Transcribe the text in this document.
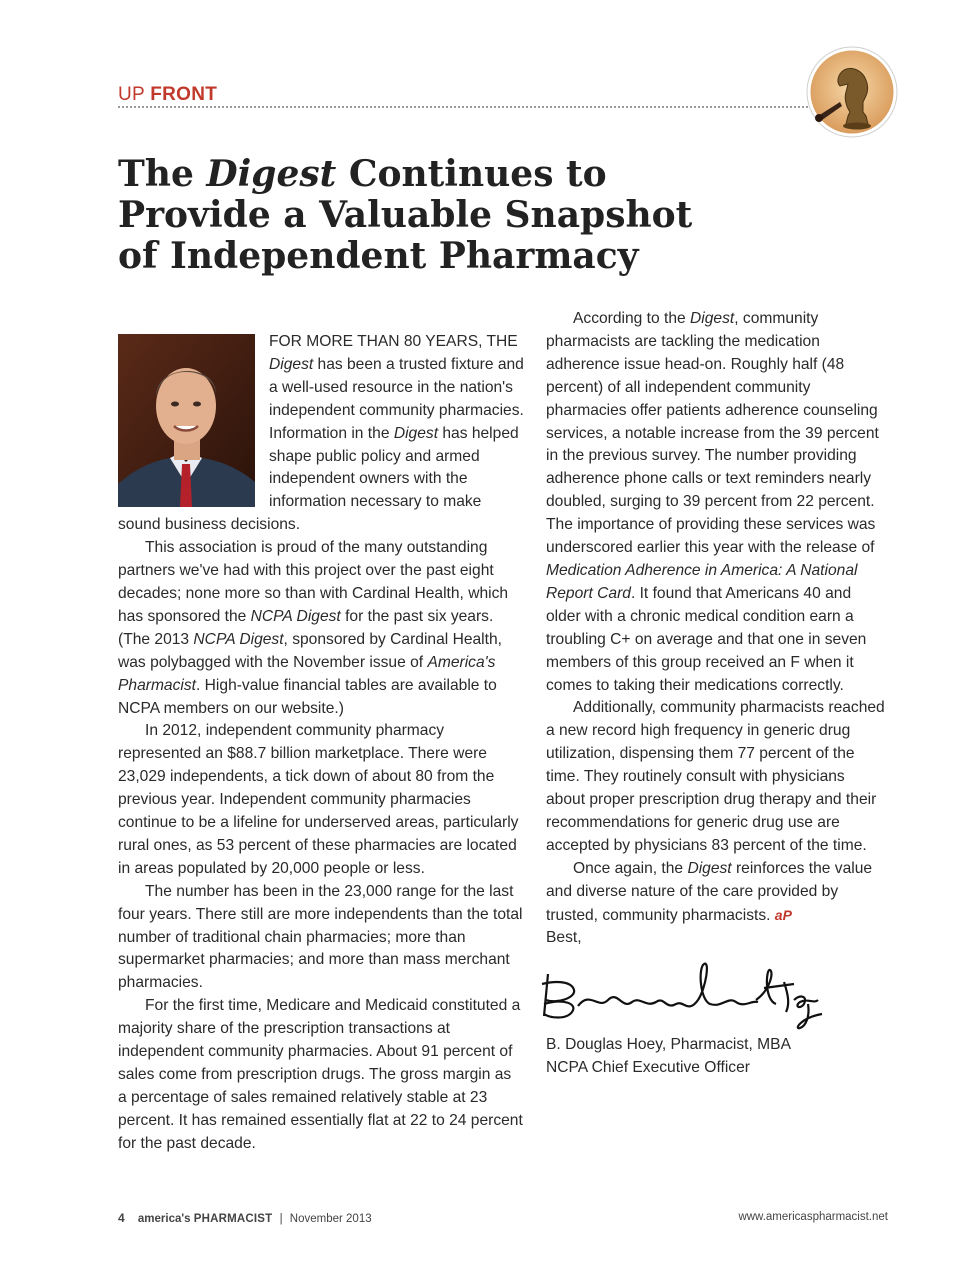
UP FRONT
The Digest Continues to Provide a Valuable Snapshot of Independent Pharmacy

FOR MORE THAN 80 YEARS, THE Digest has been a trusted fixture and a well-used resource in the nation's independent community pharmacies. Information in the Digest has helped shape public policy and armed independent owners with the information necessary to make sound business decisions.

This association is proud of the many outstanding partners we've had with this project over the past eight decades; none more so than with Cardinal Health, which has sponsored the NCPA Digest for the past six years. (The 2013 NCPA Digest, sponsored by Cardinal Health, was polybagged with the November issue of America's Pharmacist. High-value financial tables are available to NCPA members on our website.)

In 2012, independent community pharmacy represented an $88.7 billion marketplace. There were 23,029 independents, a tick down of about 80 from the previous year. Independent community pharmacies continue to be a lifeline for underserved areas, particularly rural ones, as 53 percent of these pharmacies are located in areas populated by 20,000 people or less.

The number has been in the 23,000 range for the last four years. There still are more independents than the total number of traditional chain pharmacies; more than supermarket pharmacies; and more than mass merchant pharmacies.

For the first time, Medicare and Medicaid constituted a majority share of the prescription transactions at independent community pharmacies. About 91 percent of sales come from prescription drugs. The gross margin as a percentage of sales remained relatively stable at 23 percent. It has remained essentially flat at 22 to 24 percent for the past decade.

According to the Digest, community pharmacists are tackling the medication adherence issue head-on. Roughly half (48 percent) of all independent community pharmacies offer patients adherence counseling services, a notable increase from the 39 percent in the previous survey. The number providing adherence phone calls or text reminders nearly doubled, surging to 39 percent from 22 percent. The importance of providing these services was underscored earlier this year with the release of Medication Adherence in America: A National Report Card. It found that Americans 40 and older with a chronic medical condition earn a troubling C+ on average and that one in seven members of this group received an F when it comes to taking their medications correctly.

Additionally, community pharmacists reached a new record high frequency in generic drug utilization, dispensing them 77 percent of the time. They routinely consult with physicians about proper prescription drug therapy and their recommendations for generic drug use are accepted by physicians 83 percent of the time.

Once again, the Digest reinforces the value and diverse nature of the care provided by trusted, community pharmacists. aP

Best,

B. Douglas Hoey, Pharmacist, MBA

NCPA Chief Executive Officer

4 america's PHARMACIST | November 2013	www.americaspharmacist.net
